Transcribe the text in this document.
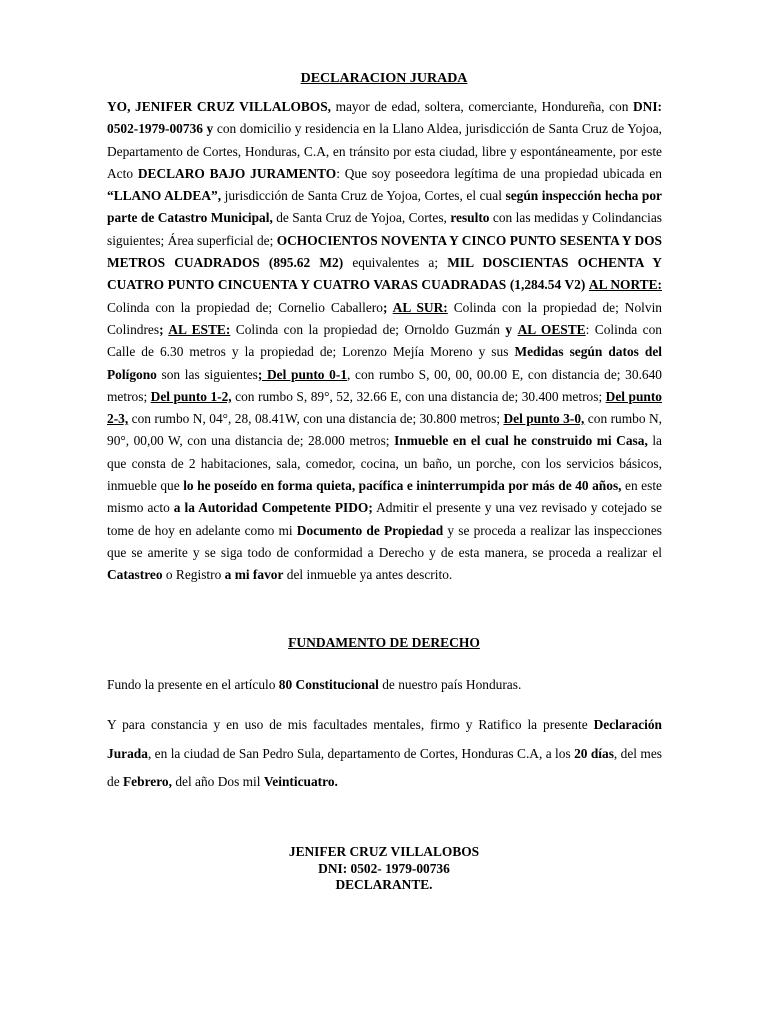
DECLARACION JURADA

YO, JENIFER CRUZ VILLALOBOS, mayor de edad, soltera, comerciante, Hondureña, con DNI: 0502-1979-00736 y con domicilio y residencia en la Llano Aldea, jurisdicción de Santa Cruz de Yojoa, Departamento de Cortes, Honduras, C.A, en tránsito por esta ciudad, libre y espontáneamente, por este Acto DECLARO BAJO JURAMENTO: Que soy poseedora legítima de una propiedad ubicada en “LLANO ALDEA”, jurisdicción de Santa Cruz de Yojoa, Cortes, el cual según inspección hecha por parte de Catastro Municipal, de Santa Cruz de Yojoa, Cortes, resulto con las medidas y Colindancias siguientes; Área superficial de; OCHOCIENTOS NOVENTA Y CINCO PUNTO SESENTA Y DOS METROS CUADRADOS (895.62 M2) equivalentes a; MIL DOSCIENTAS OCHENTA Y CUATRO PUNTO CINCUENTA Y CUATRO VARAS CUADRADAS (1,284.54 V2) AL NORTE: Colinda con la propiedad de; Cornelio Caballero; AL SUR: Colinda con la propiedad de; Nolvin Colindres; AL ESTE: Colinda con la propiedad de; Ornoldo Guzmán y AL OESTE: Colinda con Calle de 6.30 metros y la propiedad de; Lorenzo Mejía Moreno y sus Medidas según datos del Polígono son las siguientes; Del punto 0-1, con rumbo S, 00, 00, 00.00 E, con distancia de; 30.640 metros; Del punto 1-2, con rumbo S, 89°, 52, 32.66 E, con una distancia de; 30.400 metros; Del punto 2-3, con rumbo N, 04°, 28, 08.41W, con una distancia de; 30.800 metros; Del punto 3-0, con rumbo N, 90°, 00,00 W, con una distancia de; 28.000 metros; Inmueble en el cual he construido mi Casa, la que consta de 2 habitaciones, sala, comedor, cocina, un baño, un porche, con los servicios básicos, inmueble que lo he poseído en forma quieta, pacífica e ininterrumpida por más de 40 años, en este mismo acto a la Autoridad Competente PIDO; Admitir el presente y una vez revisado y cotejado se tome de hoy en adelante como mi Documento de Propiedad y se proceda a realizar las inspecciones que se amerite y se siga todo de conformidad a Derecho y de esta manera, se proceda a realizar el Catastreo o Registro a mi favor del inmueble ya antes descrito.

FUNDAMENTO DE DERECHO

Fundo la presente en el artículo 80 Constitucional de nuestro país Honduras.

Y para constancia y en uso de mis facultades mentales, firmo y Ratifico la presente Declaración Jurada, en la ciudad de San Pedro Sula, departamento de Cortes, Honduras C.A, a los 20 días, del mes de Febrero, del año Dos mil Veinticuatro.

JENIFER CRUZ VILLALOBOS
DNI: 0502- 1979-00736
DECLARANTE.
